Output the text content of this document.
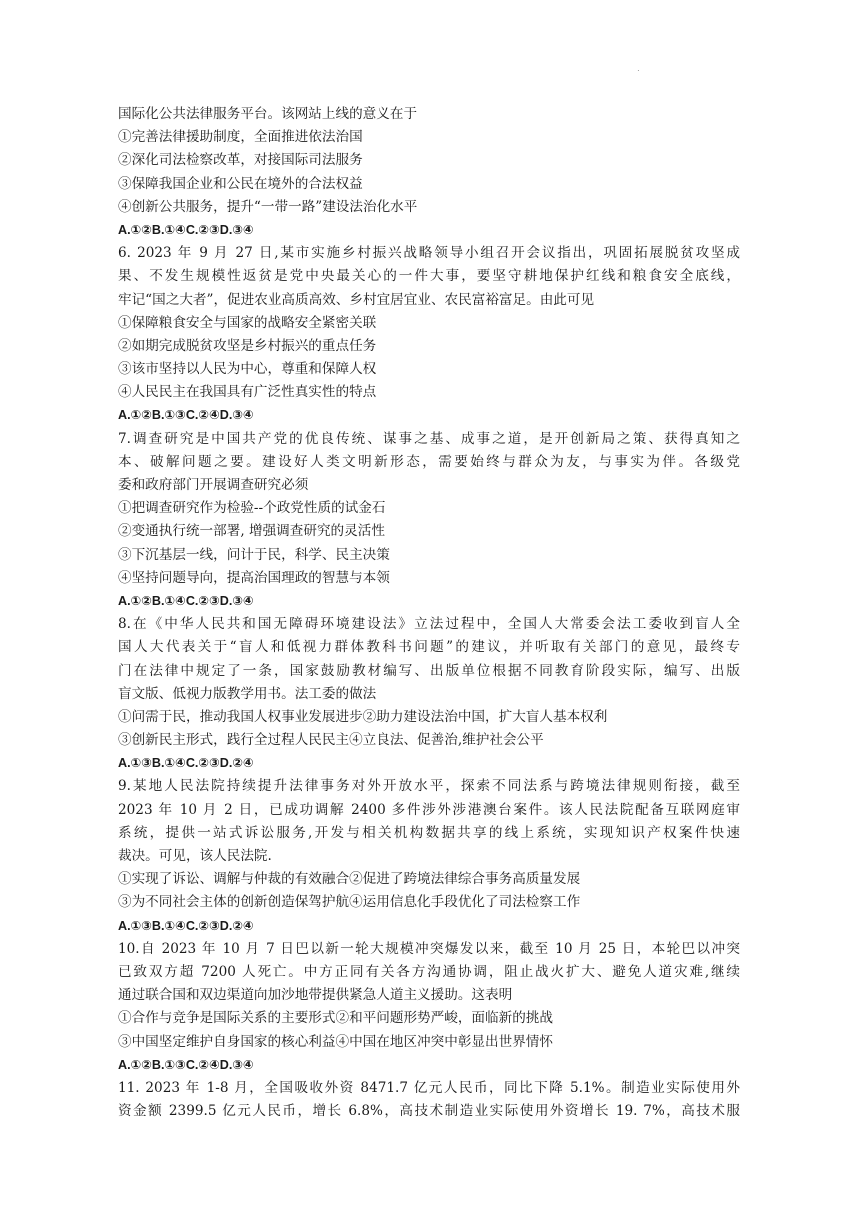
·
国际化公共法律服务平台。该网站上线的意义在于
①完善法律援助制度，全面推进依法治国
②深化司法检察改革，对接国际司法服务
③保障我国企业和公民在境外的合法权益
④创新公共服务，提升“一带一路”建设法治化水平
A.①②B.①④C.②③D.③④
6. 2023 年 9 月 27 日,某市实施乡村振兴战略领导小组召开会议指出，巩固拓展脱贫攻坚成
果、不发生规模性返贫是党中央最关心的一件大事，要坚守耕地保护红线和粮食安全底线，
牢记“国之大者”，促进农业高质高效、乡村宜居宜业、农民富裕富足。由此可见
①保障粮食安全与国家的战略安全紧密关联
②如期完成脱贫攻坚是乡村振兴的重点任务
③该市坚持以人民为中心，尊重和保障人权
④人民民主在我国具有广泛性真实性的特点
A.①②B.①③C.②④D.③④
7.调查研究是中国共产党的优良传统、谋事之基、成事之道，是开创新局之策、获得真知之
本、破解问题之要。建设好人类文明新形态，需要始终与群众为友，与事实为伴。各级党
委和政府部门开展调查研究必须
①把调查研究作为检验-‐个政党性质的试金石
②变通执行统一部署, 增强调查研究的灵活性
③下沉基层一线，问计于民，科学、民主决策
④坚持问题导向，提高治国理政的智慧与本领
A.①②B.①④C.②③D.③④
8.在《中华人民共和国无障碍环境建设法》立法过程中，全国人大常委会法工委收到盲人全
国人大代表关于“盲人和低视力群体教科书问题”的建议，并听取有关部门的意见，最终专
门在法律中规定了一条，国家鼓励教材编写、出版单位根据不同教育阶段实际，编写、出版
盲文版、低视力版教学用书。法工委的做法
①问需于民，推动我国人权事业发展进步②助力建设法治中国，扩大盲人基本权利
③创新民主形式，践行全过程人民民主④立良法、促善治,维护社会公平
A.①③B.①④C.②③D.②④
9.某地人民法院持续提升法律事务对外开放水平，探索不同法系与跨境法律规则衔接，截至
2023 年 10 月 2 日，已成功调解 2400 多件涉外涉港澳台案件。该人民法院配备互联网庭审
系统，提供一站式诉讼服务,开发与相关机构数据共享的线上系统，实现知识产权案件快速
裁决。可见，该人民法院.
①实现了诉讼、调解与仲裁的有效融合②促进了跨境法律综合事务高质量发展
③为不同社会主体的创新创造保驾护航④运用信息化手段优化了司法检察工作
A.①③B.①④C.②③D.②④
10.自 2023 年 10 月 7 日巴以新一轮大规模冲突爆发以来，截至 10 月 25 日，本轮巴以冲突
已致双方超 7200 人死亡。中方正同有关各方沟通协调，阻止战火扩大、避免人道灾难,继续
通过联合国和双边渠道向加沙地带提供紧急人道主义援助。这表明
①合作与竞争是国际关系的主要形式②和平问题形势严峻，面临新的挑战
③中国坚定维护自身国家的核心利益④中国在地区冲突中彰显出世界情怀
A.①②B.①③C.②④D.③④
11. 2023 年 1-8 月，全国吸收外资 8471.7 亿元人民币，同比下降 5.1%。制造业实际使用外
资金额 2399.5 亿元人民币，增长 6.8%，高技术制造业实际使用外资增长 19. 7%，高技术服
